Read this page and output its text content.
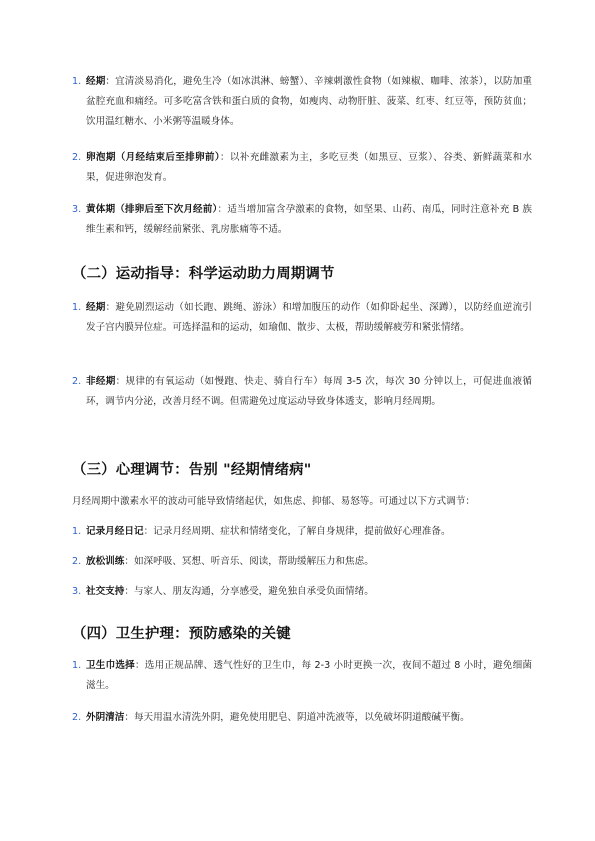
1. 经期：宜清淡易消化，避免生冷（如冰淇淋、螃蟹）、辛辣刺激性食物（如辣椒、咖啡、浓茶），以防加重盆腔充血和痛经。可多吃富含铁和蛋白质的食物，如瘦肉、动物肝脏、菠菜、红枣、红豆等，预防贫血；饮用温红糖水、小米粥等温暖身体。
2. 卵泡期（月经结束后至排卵前）：以补充雌激素为主，多吃豆类（如黑豆、豆浆）、谷类、新鲜蔬菜和水果，促进卵泡发育。
3. 黄体期（排卵后至下次月经前）：适当增加富含孕激素的食物，如坚果、山药、南瓜，同时注意补充 B 族维生素和钙，缓解经前紧张、乳房胀痛等不适。
（二）运动指导：科学运动助力周期调节
1. 经期：避免剧烈运动（如长跑、跳绳、游泳）和增加腹压的动作（如仰卧起坐、深蹲），以防经血逆流引发子宫内膜异位症。可选择温和的运动，如瑜伽、散步、太极，帮助缓解疲劳和紧张情绪。
2. 非经期：规律的有氧运动（如慢跑、快走、骑自行车）每周 3-5 次，每次 30 分钟以上，可促进血液循环，调节内分泌，改善月经不调。但需避免过度运动导致身体透支，影响月经周期。
（三）心理调节：告别 "经期情绪病"
月经周期中激素水平的波动可能导致情绪起伏，如焦虑、抑郁、易怒等。可通过以下方式调节：
1. 记录月经日记：记录月经周期、症状和情绪变化，了解自身规律，提前做好心理准备。
2. 放松训练：如深呼吸、冥想、听音乐、阅读，帮助缓解压力和焦虑。
3. 社交支持：与家人、朋友沟通，分享感受，避免独自承受负面情绪。
（四）卫生护理：预防感染的关键
1. 卫生巾选择：选用正规品牌、透气性好的卫生巾，每 2-3 小时更换一次，夜间不超过 8 小时，避免细菌滋生。
2. 外阴清洁：每天用温水清洗外阴，避免使用肥皂、阴道冲洗液等，以免破坏阴道酸碱平衡。
